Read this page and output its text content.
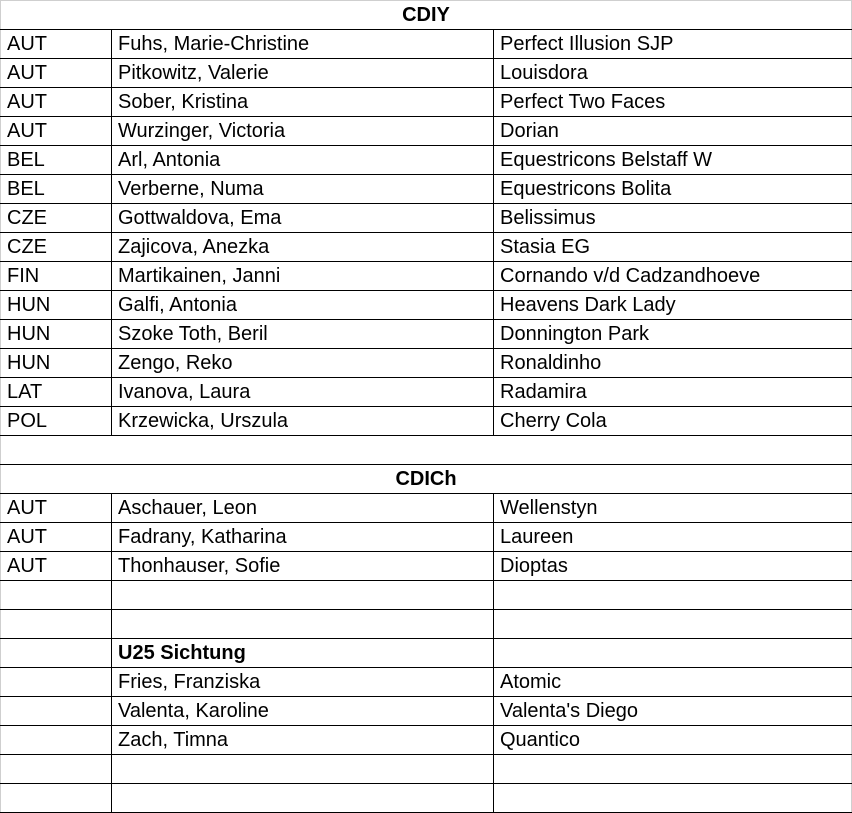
CDIY		
AUT	Fuhs, Marie-Christine	Perfect Illusion SJP
AUT	Pitkowitz, Valerie	Louisdora
AUT	Sober, Kristina	Perfect Two Faces
AUT	Wurzinger, Victoria	Dorian
BEL	Arl, Antonia	Equestricons Belstaff W
BEL	Verberne, Numa	Equestricons Bolita
CZE	Gottwaldova, Ema	Belissimus
CZE	Zajicova, Anezka	Stasia EG
FIN	Martikainen, Janni	Cornando v/d Cadzandhoeve
HUN	Galfi, Antonia	Heavens Dark Lady
HUN	Szoke Toth, Beril	Donnington Park
HUN	Zengo, Reko	Ronaldinho
LAT	Ivanova, Laura	Radamira
POL	Krzewicka, Urszula	Cherry Cola

CDICh		
AUT	Aschauer, Leon	Wellenstyn
AUT	Fadrany, Katharina	Laureen
AUT	Thonhauser, Sofie	Dioptas

	U25 Sichtung	
	Fries, Franziska	Atomic
	Valenta, Karoline	Valenta's Diego
	Zach, Timna	Quantico
